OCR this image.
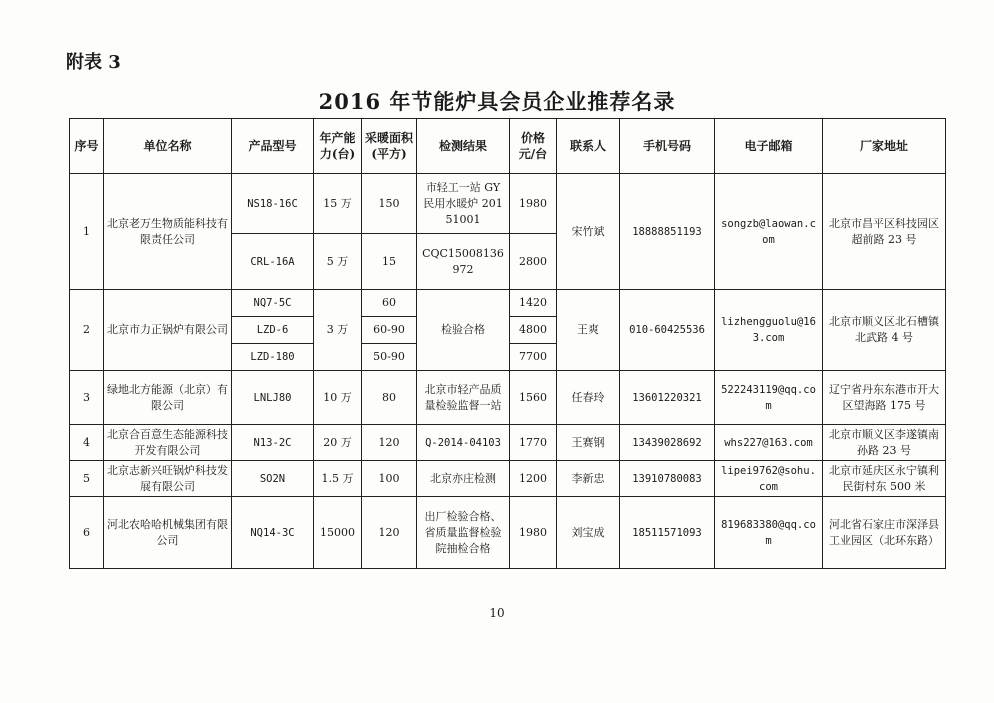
附表 3
2016 年节能炉具会员企业推荐名录
序号	单位名称	产品型号	年产能力(台)	采暖面积(平方)	检测结果	价格元/台	联系人	手机号码	电子邮箱	厂家地址
1	北京老万生物质能科技有限责任公司	NS18-16C	15 万	150	市轻工一站 GY 民用水暖炉 20151001	1980	宋竹斌	18888851193	songzb@laowan.com	北京市昌平区科技园区超前路 23 号
		CRL-16A	5 万	15	CQC15008136972	2800				
2	北京市力正锅炉有限公司	NQ7-5C	3 万	60	检验合格	1420	王爽	010-60425536	lizhengguolu@163.com	北京市顺义区北石槽镇北武路 4 号
		LZD-6		60-90		4800				
		LZD-180		50-90		7700				
3	绿地北方能源（北京）有限公司	LNLJ80	10 万	80	北京市轻产品质量检验监督一站	1560	任春玲	13601220321	522243119@qq.com	辽宁省丹东东港市开大区望海路 175 号
4	北京合百意生态能源科技开发有限公司	N13-2C	20 万	120	Q-2014-04103	1770	王赛钢	13439028692	whs227@163.com	北京市顺义区李遂镇南孙路 23 号
5	北京志新兴旺锅炉科技发展有限公司	SO2N	1.5 万	100	北京亦庄检测	1200	李新忠	13910780083	lipei9762@sohu.com	北京市延庆区永宁镇利民街村东 500 米
6	河北农哈哈机械集团有限公司	NQ14-3C	15000	120	出厂检验合格、省质量监督检验院抽检合格	1980	刘宝成	18511571093	819683380@qq.com	河北省石家庄市深泽县工业园区（北环东路）
10
